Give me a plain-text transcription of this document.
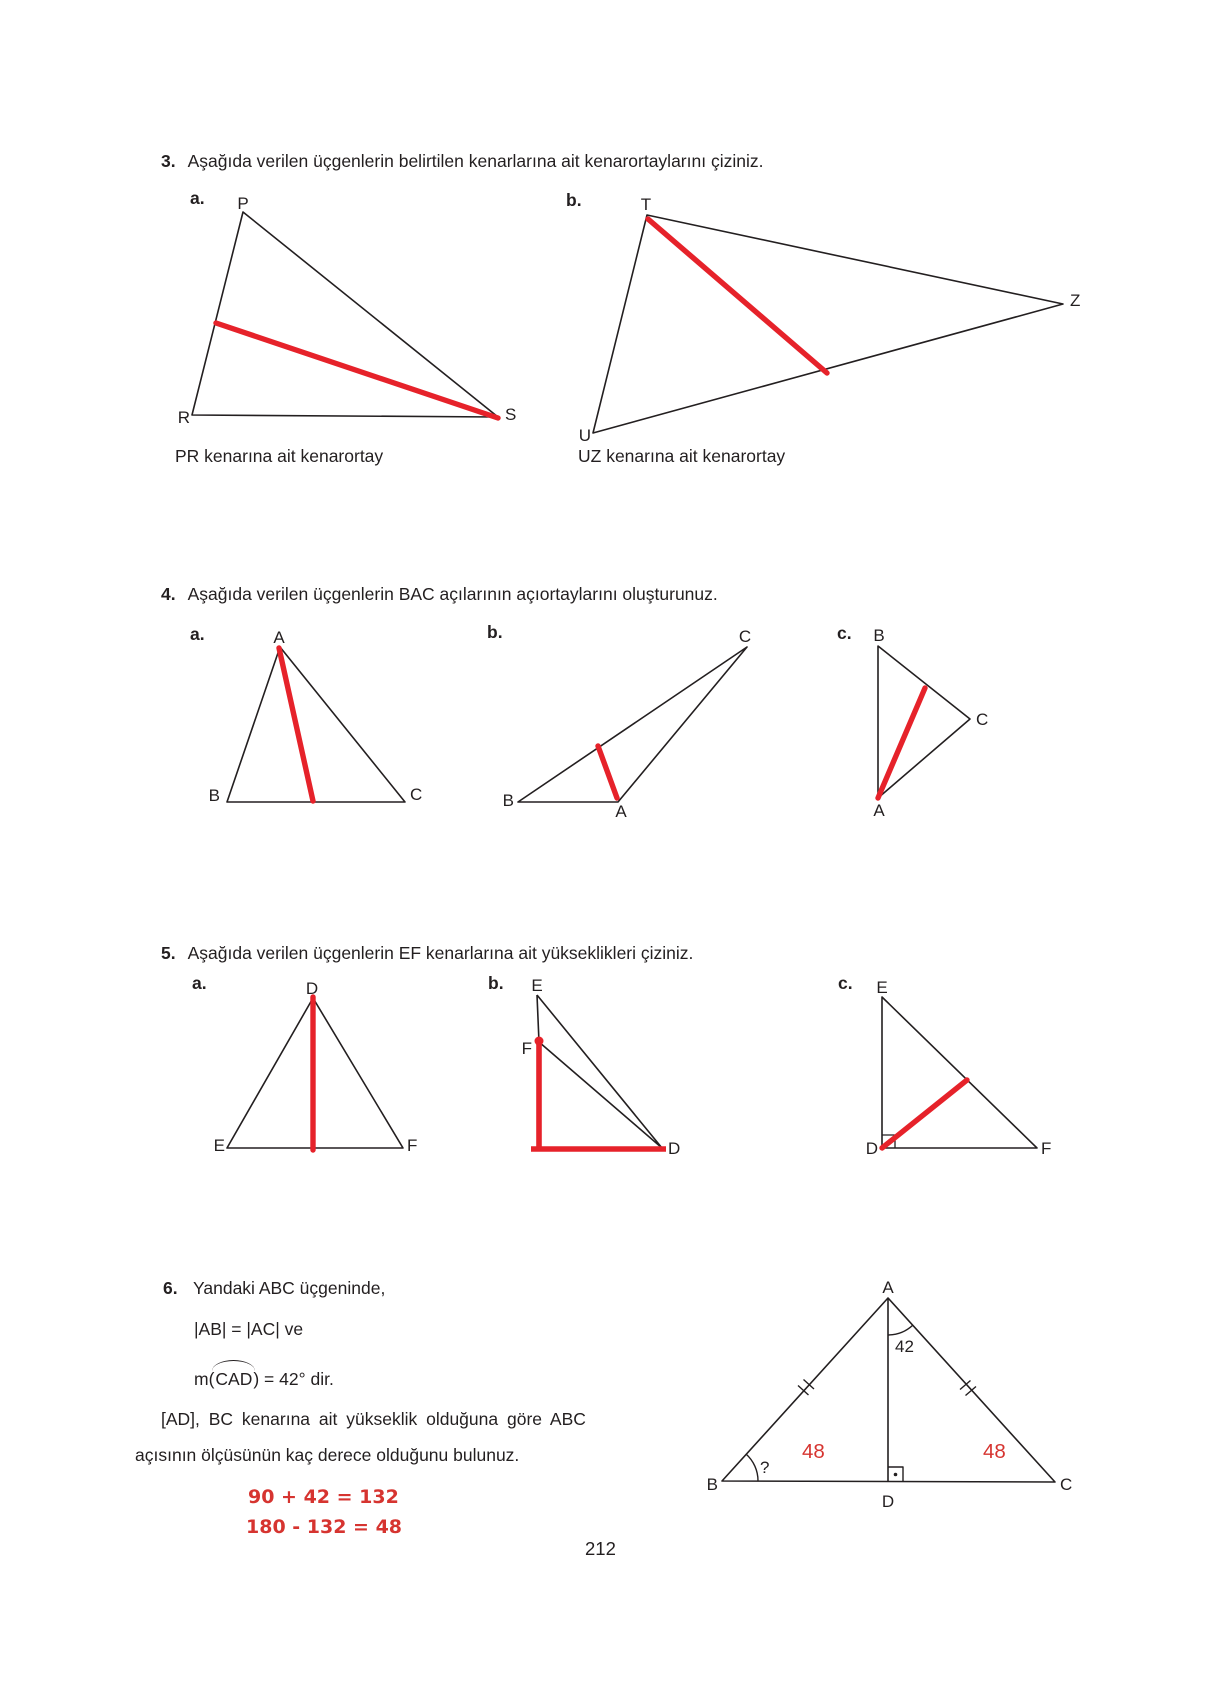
3. Aşağıda verilen üçgenlerin belirtilen kenarlarına ait kenarortaylarını çiziniz.
a. P
R	S
PR kenarına ait kenarortay
b.	T
U
Z
UZ kenarına ait kenarortay
4. Aşağıda verilen üçgenlerin BAC açılarının açıortaylarını oluşturunuz.
a.	A
B	C
b.	C
B
A
c. B
C
A
5. Aşağıda verilen üçgenlerin EF kenarlarına ait yükseklikleri çiziniz.
a.	D
E	F
b. E
F
D
c. E
D	F
6. Yandaki ABC üçgeninde,
|AB| = |AC| ve
m(CAD) = 42° dir.
[AD], BC kenarına ait yükseklik olduğuna göre ABC
açısının ölçüsünün kaç derece olduğunu bulunuz.
A
B	C
D
42
?
48	48
90 + 42 = 132
180 - 132 = 48
212
